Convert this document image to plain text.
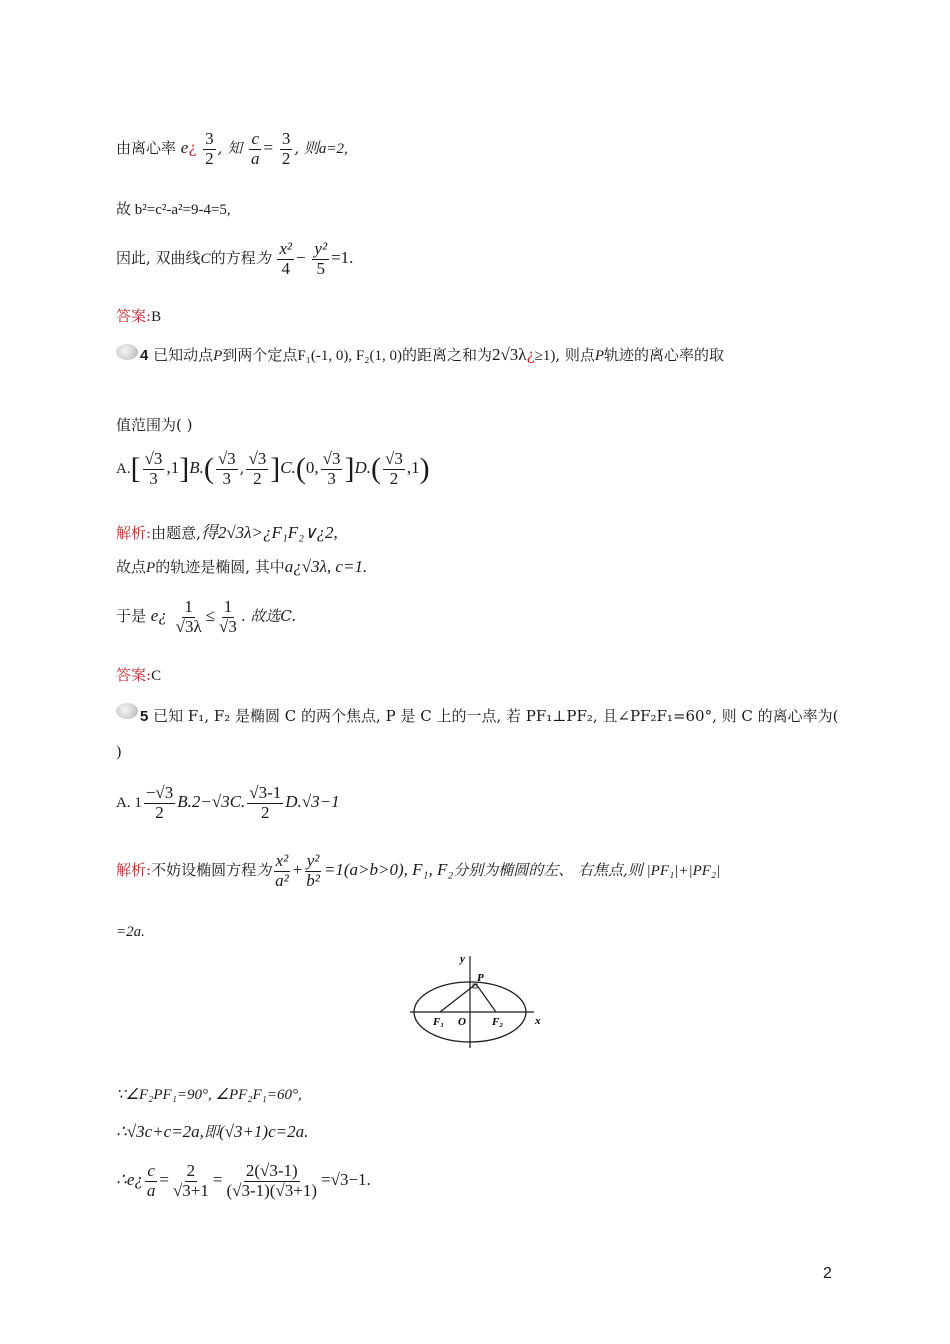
由离心率 e¿ $\frac{3}{2}$ , 知 $\frac{c}{a} = \frac{3}{2}$ , 则a=2,
故 b²=c²-a²=9-4=5,
因此, 双曲线C的方程为 $\frac{\text{x²}}{4} - \frac{\text{y²}}{5} =1$.
答案:B
4 已知动点P到两个定点F₁(-1, 0), F₂(1, 0)的距离之和为2√3λ¿≥1), 则点P轨迹的离心率的取
值范围为( )
$A.[ \frac{√3}{3} ,1]B.( \frac{√3}{3}$ , $\frac{√3}{2} ]C.(0$, $\frac{√3}{3} ]D.( \frac{√3}{2} ,1)$
解析:由题意,得2√3λ>¿F₁F₂∨¿2,
故点P的轨迹是椭圆, 其中a¿√3λ, c=1.
于是 e¿ $\frac{1}{√3\lambda} \le \frac{1}{√3}$ . 故选C.
答案:C
5 已知 F₁, F₂ 是椭圆 C 的两个焦点, P 是 C 上的一点, 若 PF₁⊥PF₂, 且∠PF₂F₁=60°, 则 C 的离心率为(
)
A. $1 \frac{-√3}{2} B.2-√3C$. $\frac{√3-1}{2} D.√3-1$
解析:不妨设椭圆方程为 $\frac{\text{x²}}{\text{a²}} + \frac{\text{y²}}{\text{b²}} =1(a>b>0)$, F₁, F₂分别为椭圆的左、 右焦点,则 |PF₁|+|PF₂|
=2a.
y
x
P
F₁ O F₂
∵∠F₂PF₁=90°, ∠PF₂F₁=60°,
∴√3c+c=2a,即(√3+1)c=2a.
∴e¿ $\frac{c}{a} = \frac{2}{√3+1} = \frac{2(√3-1)}{(√3-1)(√3+1)} =√3-1$.
2
